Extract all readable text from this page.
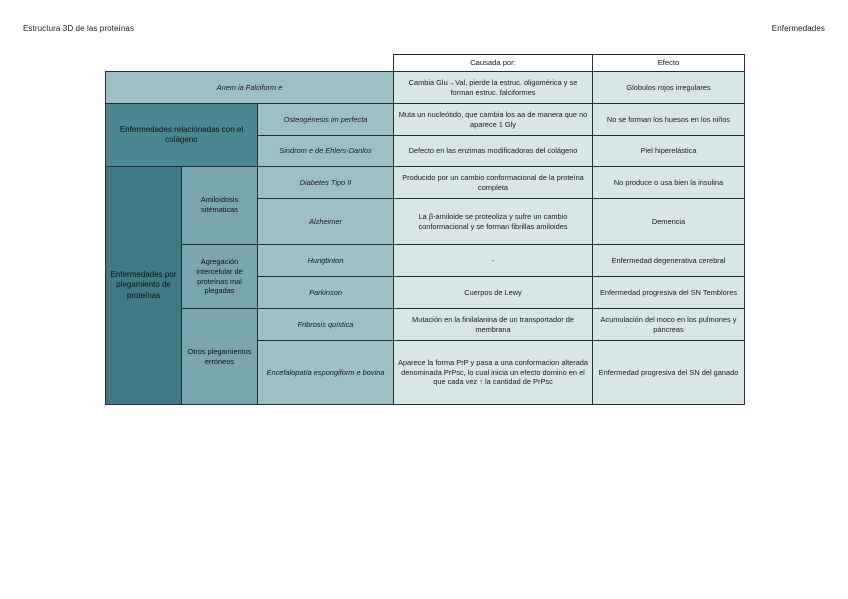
Estructura 3D de las proteínas	Enfermedades
			Causada por:	Efecto
Anem ia Falciform e			Cambia Glu→Val, pierde la estruc. oligomérica y se forman estruc. falciformes	Globulos rojos irregulares
Enfermedades relacionadas con el colágeno		Osteogénesis im perfecta	Muta un nucleótido, que cambia los aa de manera que no aparece 1 Gly	No se forman los huesos en los niños
		Sindrom e de Ehlers-Danlos	Defecto en las enzimas modificadoras del colágeno	Piel hiperelástica
Enfermedades por plegamiento de proteínas	Amiloidosis sitématicas	Diabetes Tipo II	Producido por un cambio conformacional de la proteína completa	No produce o usa bien la insulina
		Alzheimer	La β-amiloide se proteoliza y sufre un cambio conformacional y se forman fibrillas amiloides	Demencia
	Agregación intercelular de proteínas mal plegadas	Hungtinton	-	Enfermedad degenerativa cerebral
		Parkinson	Cuerpos de Lewy	Enfermedad progresiva del SN Temblores
	Otros plegamientos erróneos	Fribrosis quística	Mutación en la finilalanina de un transportador de membrana	Acumulación del moco en los pulmones y páncreas
		Encefalopatía espongiform e bovina	Aparece la forma PrP y pasa a una conformacion alterada denominada PrPsc, lo cual inicia un efecto domino en el que cada vez ↑ la cantidad de PrPsc	Enfermedad progresiva del SN del ganado
